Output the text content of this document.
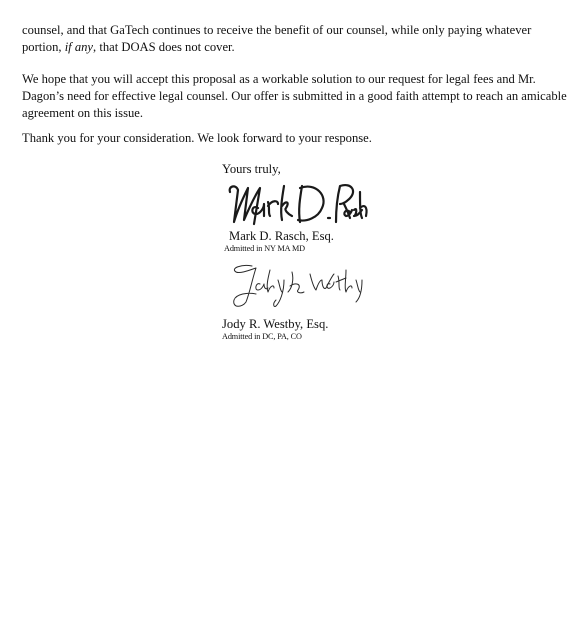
counsel, and that GaTech continues to receive the benefit of our counsel, while only paying whatever portion, if any, that DOAS does not cover.

We hope that you will accept this proposal as a workable solution to our request for legal fees and Mr. Dagon’s need for effective legal counsel. Our offer is submitted in a good faith attempt to reach an amicable agreement on this issue.

Thank you for your consideration. We look forward to your response.

Yours truly,

Mark D. Rasch, Esq.

Admitted in NY MA MD

Jody R. Westby, Esq.

Admitted in DC, PA, CO
